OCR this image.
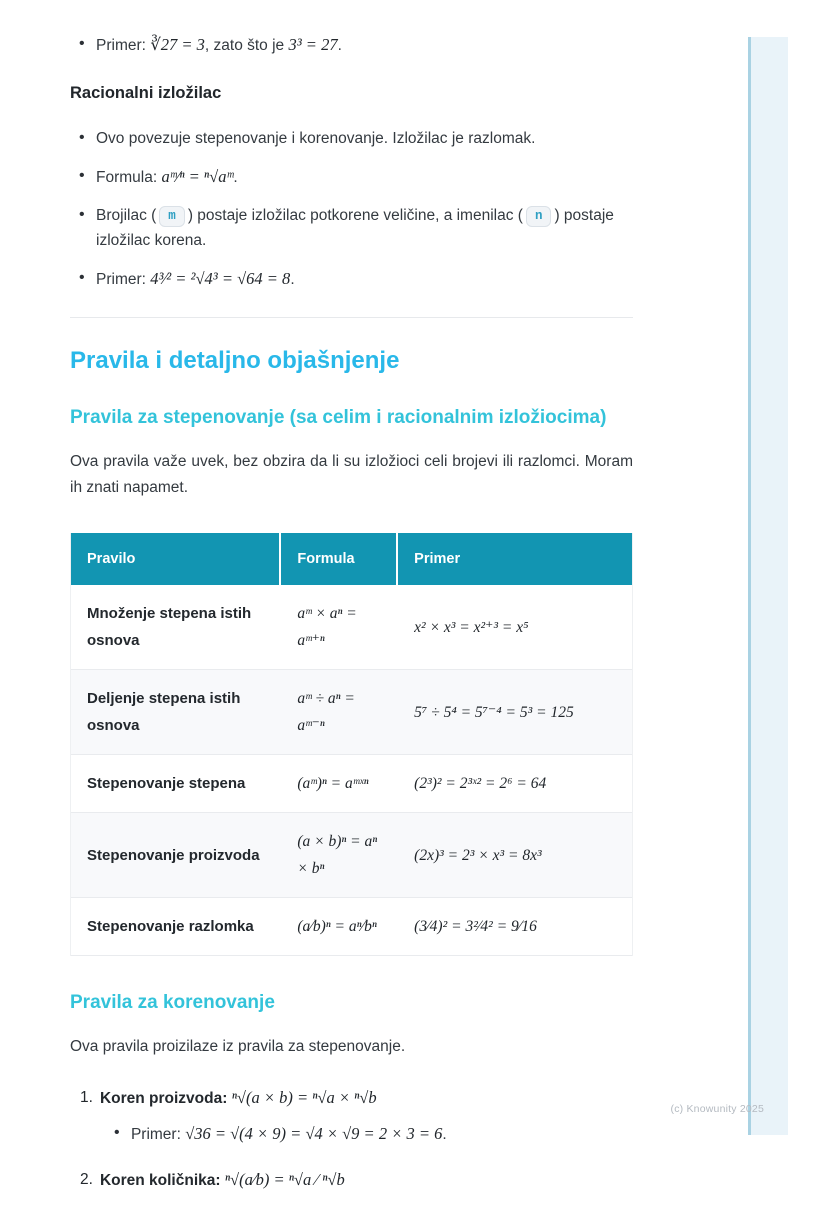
• Primer: ∛27 = 3, zato što je 3³ = 27.
Racionalni izložilac
• Ovo povezuje stepenovanje i korenovanje. Izložilac je razlomak.
• Formula: aᵐ⁄ⁿ = ⁿ√aᵐ.
• Brojilac ( m ) postaje izložilac potkorene veličine, a imenilac ( n ) postaje izložilac korena.
• Primer: 4³⁄² = ²√4³ = √64 = 8.
Pravila i detaljno objašnjenje
Pravila za stepenovanje (sa celim i racionalnim izložiocima)

Ova pravila važe uvek, bez obzira da li su izložioci celi brojevi ili razlomci. Moram ih znati napamet.

Pravilo	Formula	Primer
Množenje stepena istih osnova	aᵐ × aⁿ = aᵐ⁺ⁿ	x² × x³ = x²⁺³ = x⁵
Deljenje stepena istih osnova	aᵐ ÷ aⁿ = aᵐ⁻ⁿ	5⁷ ÷ 5⁴ = 5⁷⁻⁴ = 5³ = 125
Stepenovanje stepena	(aᵐ)ⁿ = aᵐˣⁿ	(2³)² = 2³ˣ² = 2⁶ = 64
Stepenovanje proizvoda	(a × b)ⁿ = aⁿ × bⁿ	(2x)³ = 2³ × x³ = 8x³
Stepenovanje razlomka	(a⁄b)ⁿ = aⁿ⁄bⁿ	(3⁄4)² = 3²⁄4² = 9⁄16
Pravila za korenovanje

Ova pravila proizilaze iz pravila za stepenovanje.

1. Koren proizvoda: ⁿ√(a × b) = ⁿ√a × ⁿ√b
• Primer: √36 = √(4 × 9) = √4 × √9 = 2 × 3 = 6.
2. Koren količnika: ⁿ√(a⁄b) = ⁿ√a ⁄ ⁿ√b
(c) Knowunity 2025
